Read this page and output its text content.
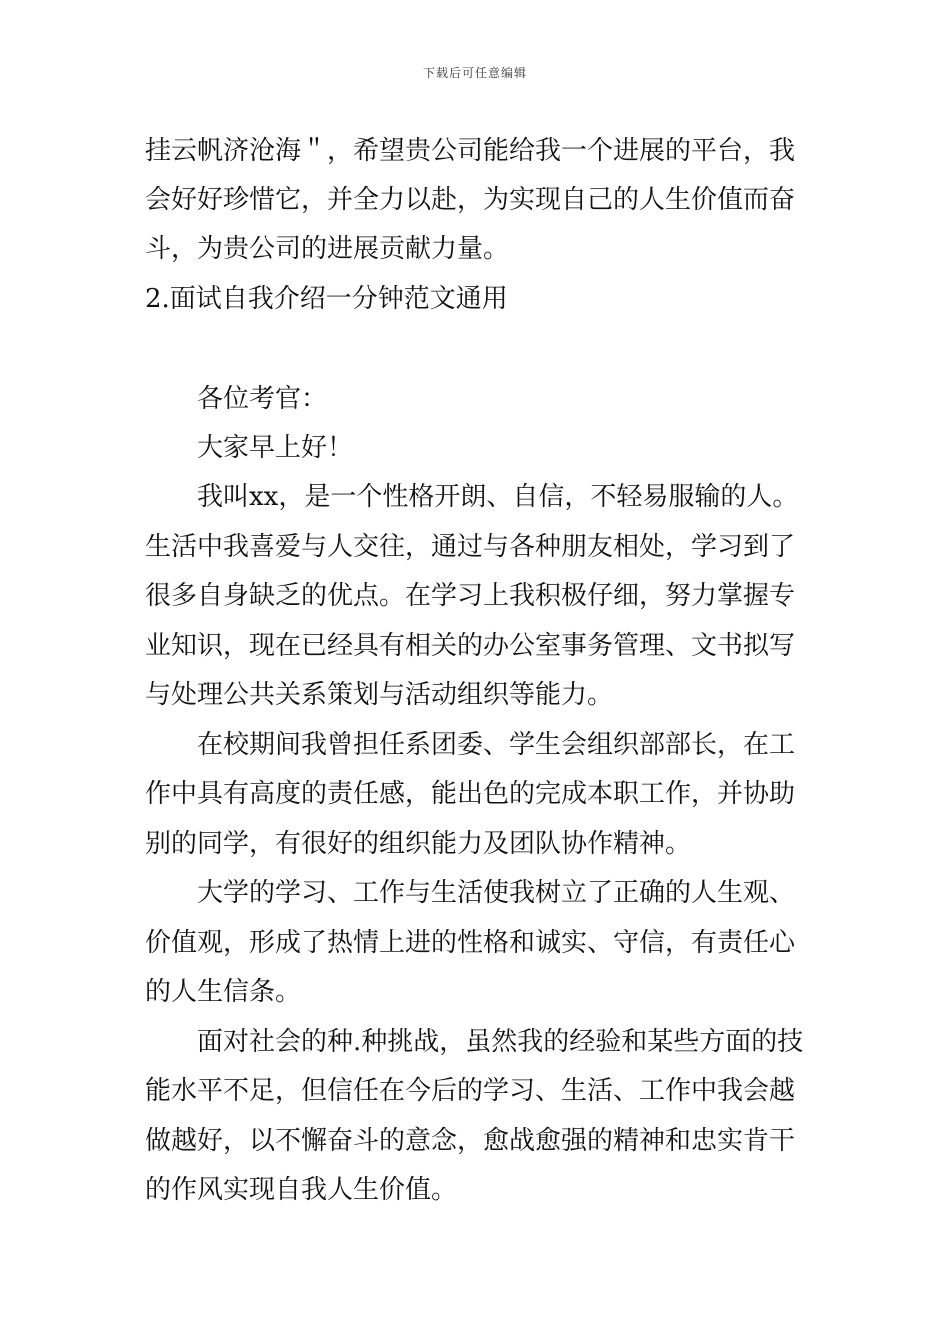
下载后可任意编辑
挂云帆济沧海＂，希望贵公司能给我一个进展的平台，我
会好好珍惜它，并全力以赴，为实现自己的人生价值而奋
斗，为贵公司的进展贡献力量。
2.面试自我介绍一分钟范文通用
各位考官：
大家早上好！
我叫xx，是一个性格开朗、自信，不轻易服输的人。
生活中我喜爱与人交往，通过与各种朋友相处，学习到了
很多自身缺乏的优点。在学习上我积极仔细，努力掌握专
业知识，现在已经具有相关的办公室事务管理、文书拟写
与处理公共关系策划与活动组织等能力。
在校期间我曾担任系团委、学生会组织部部长，在工
作中具有高度的责任感，能出色的完成本职工作，并协助
别的同学，有很好的组织能力及团队协作精神。
大学的学习、工作与生活使我树立了正确的人生观、
价值观，形成了热情上进的性格和诚实、守信，有责任心
的人生信条。
面对社会的种.种挑战，虽然我的经验和某些方面的技
能水平不足，但信任在今后的学习、生活、工作中我会越
做越好，以不懈奋斗的意念，愈战愈强的精神和忠实肯干
的作风实现自我人生价值。
